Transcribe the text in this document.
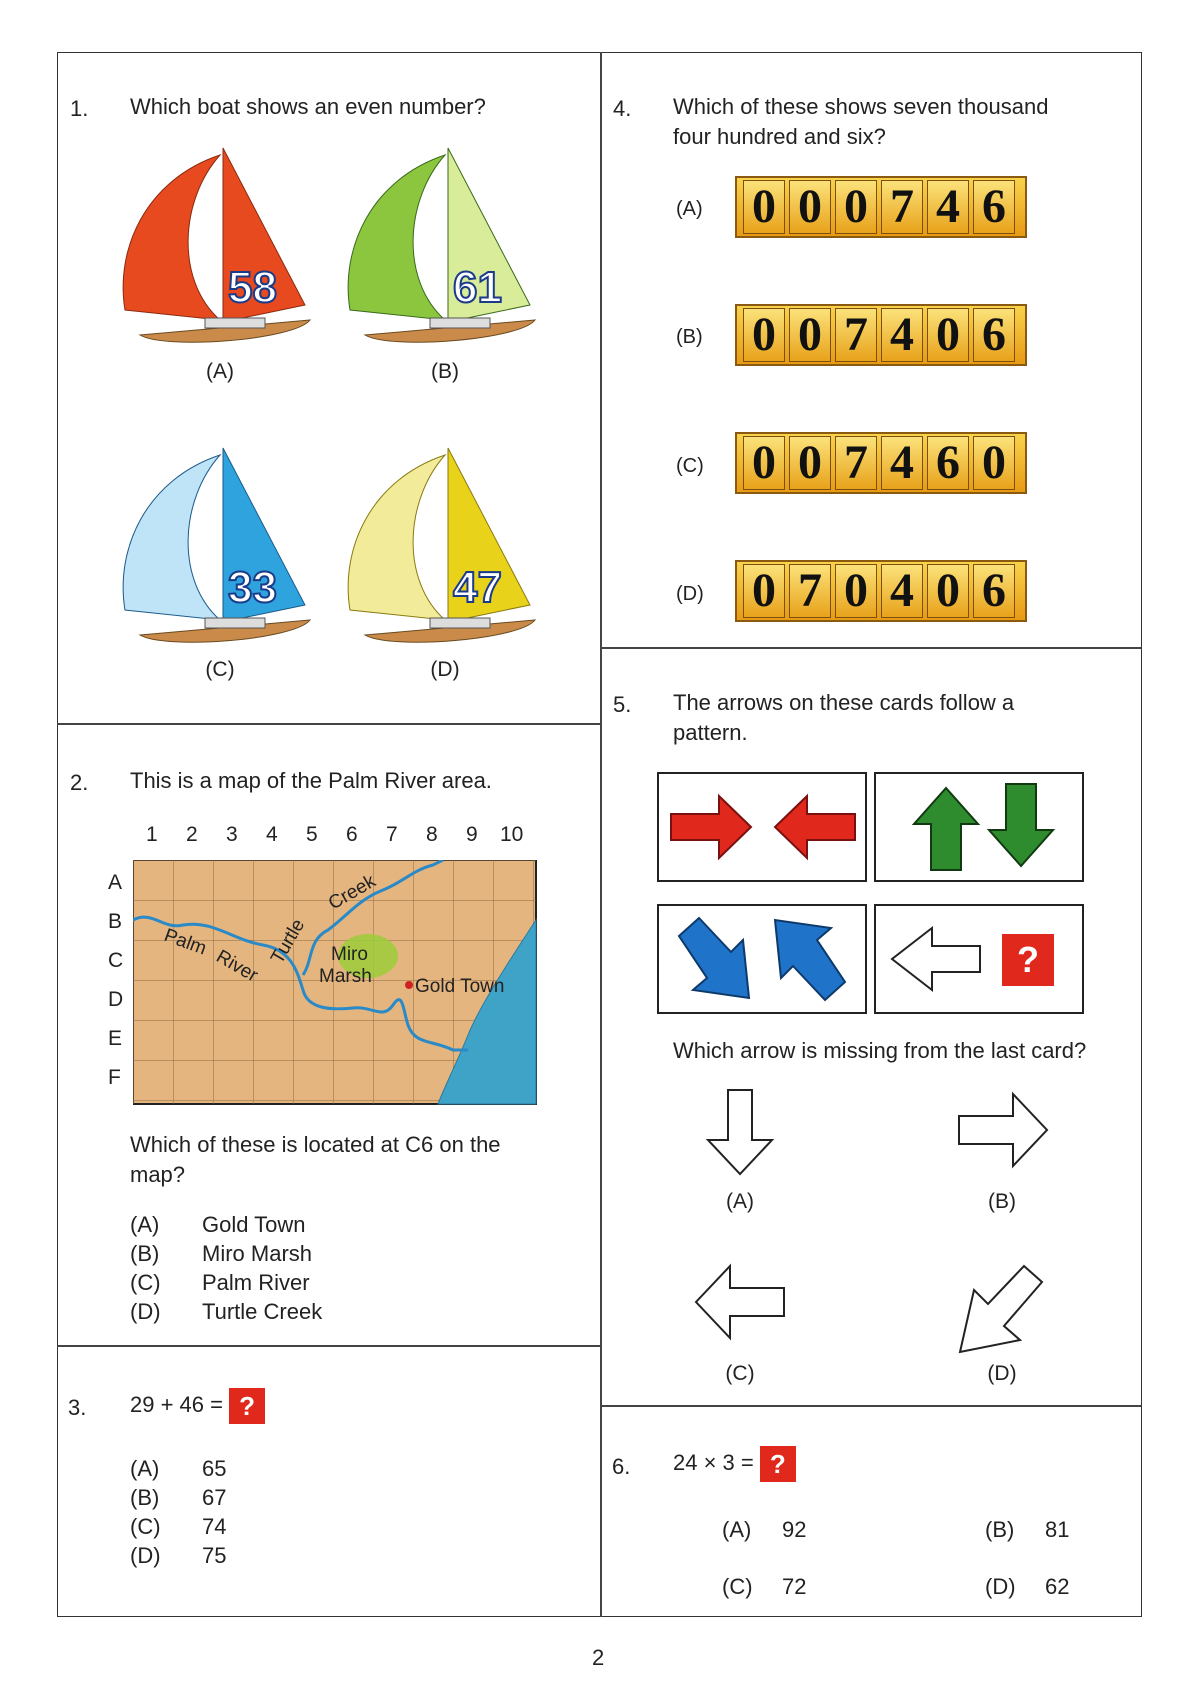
1. Which boat shows an even number?
58
(A)
61
(B)
33
(C)
47
(D)
2. This is a map of the Palm River area.
1 2 3 4 5 6 7 8 9 10
A
B
C
D
E
F
Turtle
Creek
Palm
River	Miro
Marsh Gold Town
Which of these is located at C6 on the map?
(A) Gold Town
(B) Miro Marsh
(C) Palm River
(D) Turtle Creek
3. 29 + 46 = ?
(A) 65
(B) 67
(C) 74
(D) 75
4. Which of these shows seven thousand
four hundred and six?
(A) 0 0 0 7 4 6
(B) 0 0 7 4 0 6
(C) 0 0 7 4 6 0
(D) 0 7 0 4 0 6
5. The arrows on these cards follow a
pattern.
?
Which arrow is missing from the last card?
(A)	(B)
(C)	(D)
6. 24 × 3 = ?
(A) 92	(B) 81
(C) 72	(D) 62
2
